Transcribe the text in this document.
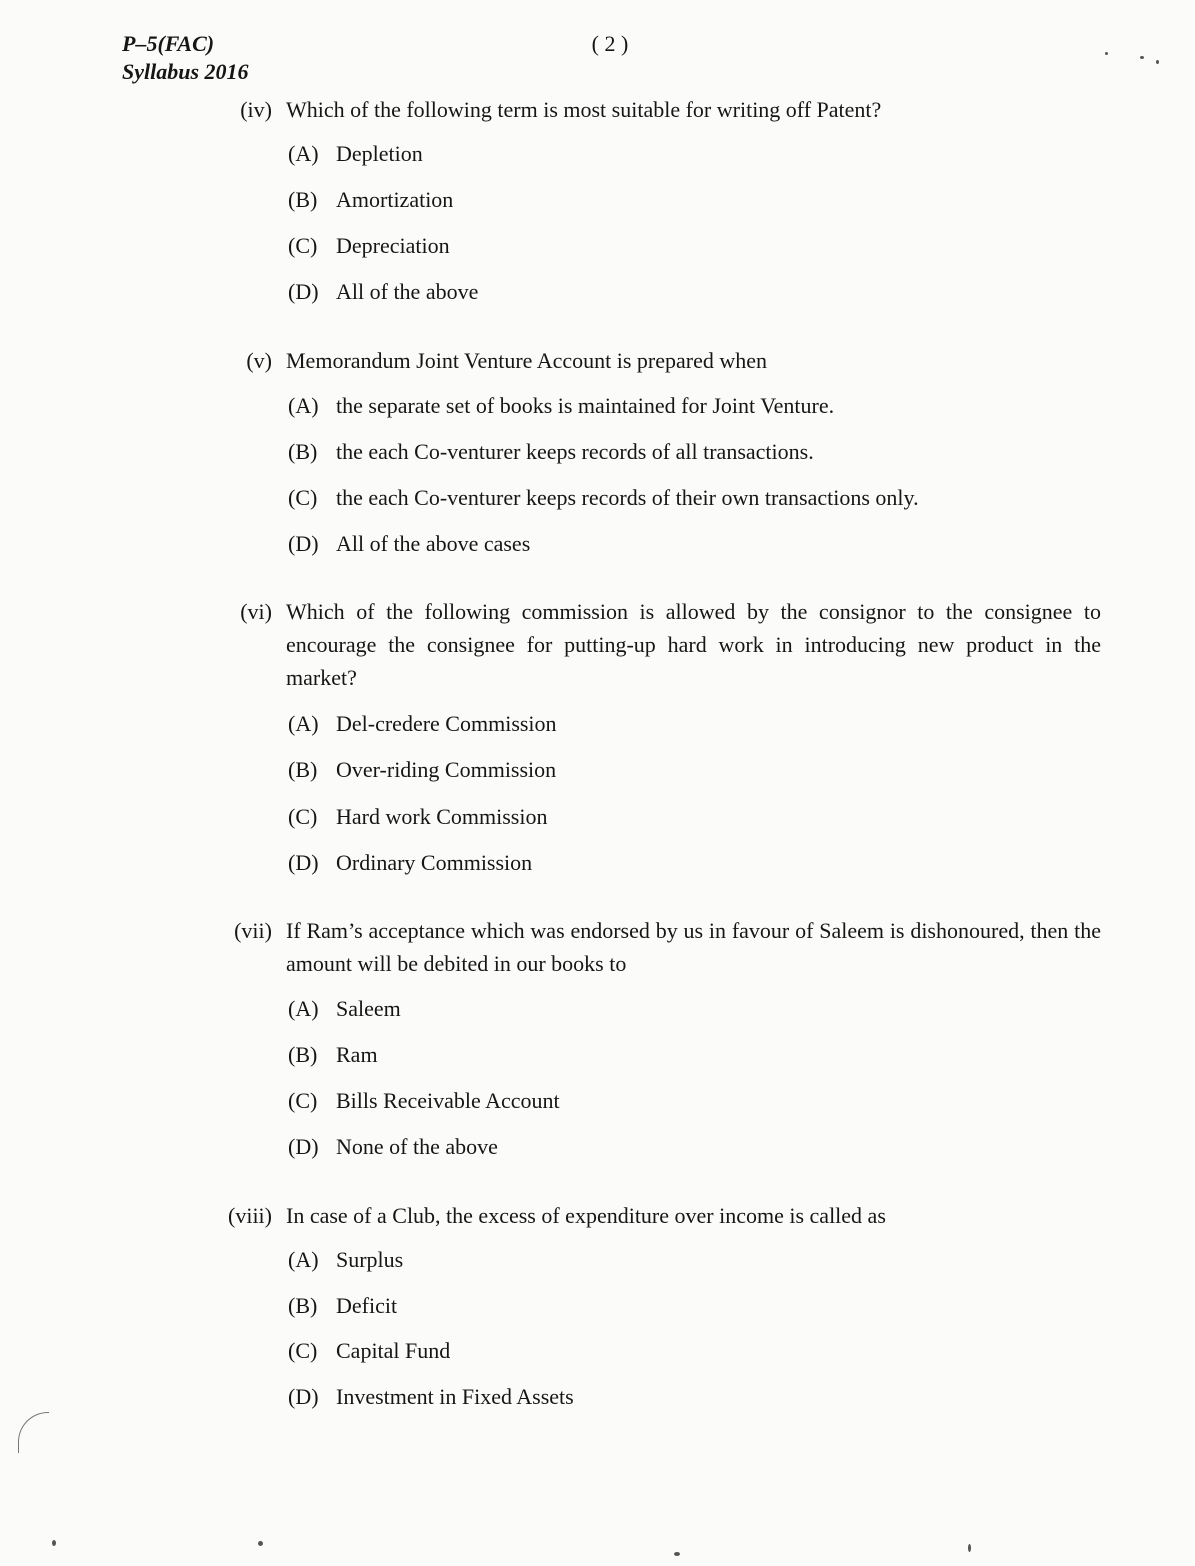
P–5(FAC)
Syllabus 2016
( 2 )
(iv) Which of the following term is most suitable for writing off Patent?
(A) Depletion
(B) Amortization
(C) Depreciation
(D) All of the above
(v) Memorandum Joint Venture Account is prepared when
(A) the separate set of books is maintained for Joint Venture.
(B) the each Co-venturer keeps records of all transactions.
(C) the each Co-venturer keeps records of their own transactions only.
(D) All of the above cases
(vi) Which of the following commission is allowed by the consignor to the consignee to encourage the consignee for putting-up hard work in introducing new product in the market?
(A) Del-credere Commission
(B) Over-riding Commission
(C) Hard work Commission
(D) Ordinary Commission
(vii) If Ram’s acceptance which was endorsed by us in favour of Saleem is dishonoured, then the amount will be debited in our books to
(A) Saleem
(B) Ram
(C) Bills Receivable Account
(D) None of the above
(viii) In case of a Club, the excess of expenditure over income is called as
(A) Surplus
(B) Deficit
(C) Capital Fund
(D) Investment in Fixed Assets
